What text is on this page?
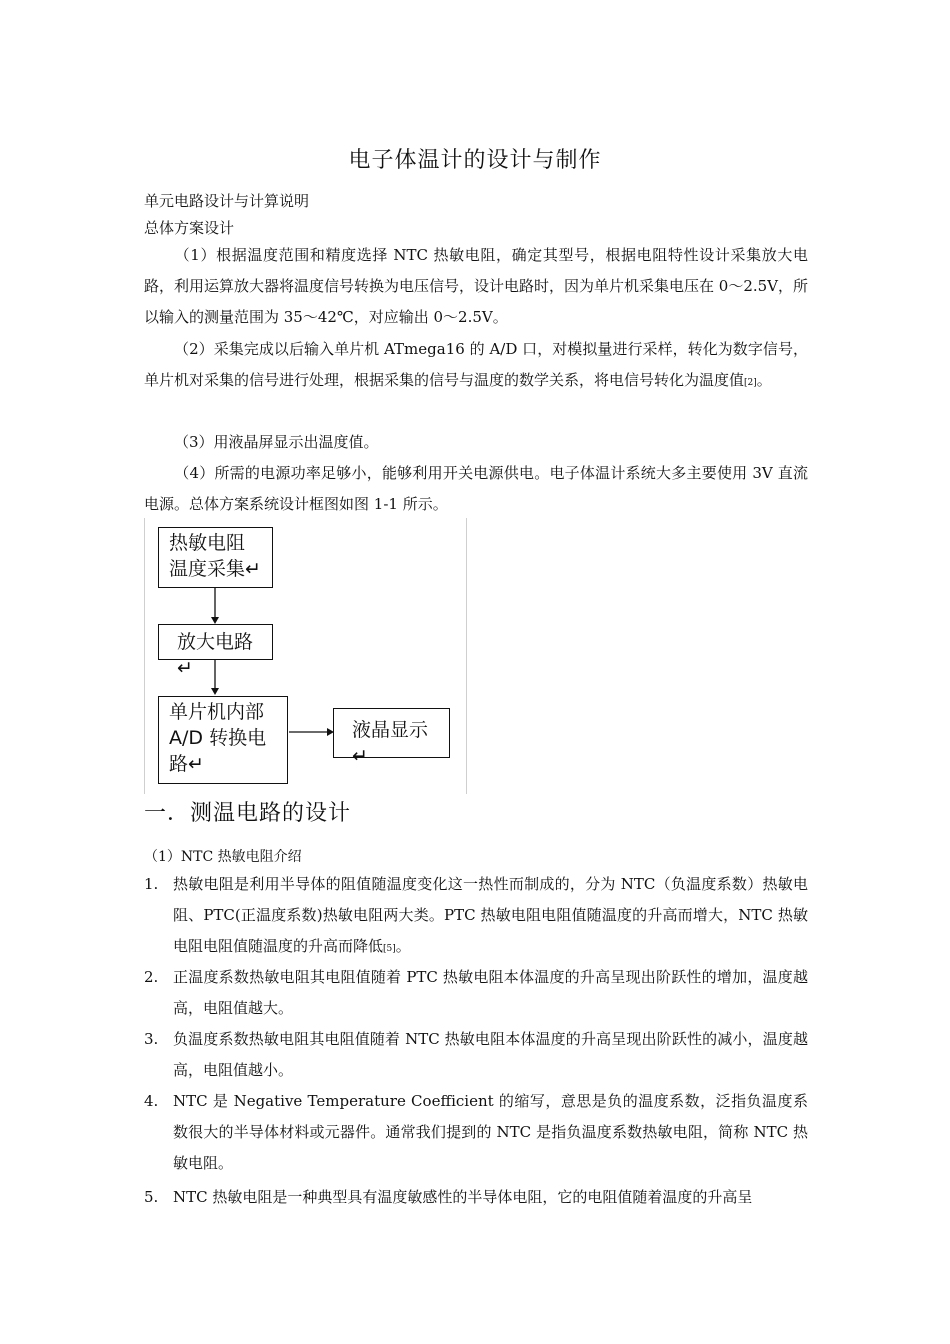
电子体温计的设计与制作
单元电路设计与计算说明
总体方案设计
（1）根据温度范围和精度选择 NTC 热敏电阻，确定其型号，根据电阻特性设计采集放大电路，利用运算放大器将温度信号转换为电压信号，设计电路时，因为单片机采集电压在 0～2.5V，所以输入的测量范围为 35～42℃，对应输出 0～2.5V。
（2）采集完成以后输入单片机 ATmega16 的 A/D 口，对模拟量进行采样，转化为数字信号，单片机对采集的信号进行处理，根据采集的信号与温度的数学关系，将电信号转化为温度值[2]。
（3）用液晶屏显示出温度值。
（4）所需的电源功率足够小，能够利用开关电源供电。电子体温计系统大多主要使用 3V 直流电源。总体方案系统设计框图如图 1-1 所示。
热敏电阻温度采集↵
放大电路↵
单片机内部A/D 转换电路↵
液晶显示↵
一．测温电路的设计
（1）NTC 热敏电阻介绍
1. 热敏电阻是利用半导体的阻值随温度变化这一热性而制成的，分为 NTC（负温度系数）热敏电阻、PTC(正温度系数)热敏电阻两大类。PTC 热敏电阻电阻值随温度的升高而增大，NTC 热敏电阻电阻值随温度的升高而降低[5]。
2. 正温度系数热敏电阻其电阻值随着 PTC 热敏电阻本体温度的升高呈现出阶跃性的增加，温度越高，电阻值越大。
3. 负温度系数热敏电阻其电阻值随着 NTC 热敏电阻本体温度的升高呈现出阶跃性的减小，温度越高，电阻值越小。
4. NTC 是 Negative Temperature Coefficient 的缩写，意思是负的温度系数，泛指负温度系数很大的半导体材料或元器件。通常我们提到的 NTC 是指负温度系数热敏电阻，简称 NTC 热敏电阻。
5. NTC 热敏电阻是一种典型具有温度敏感性的半导体电阻，它的电阻值随着温度的升高呈
